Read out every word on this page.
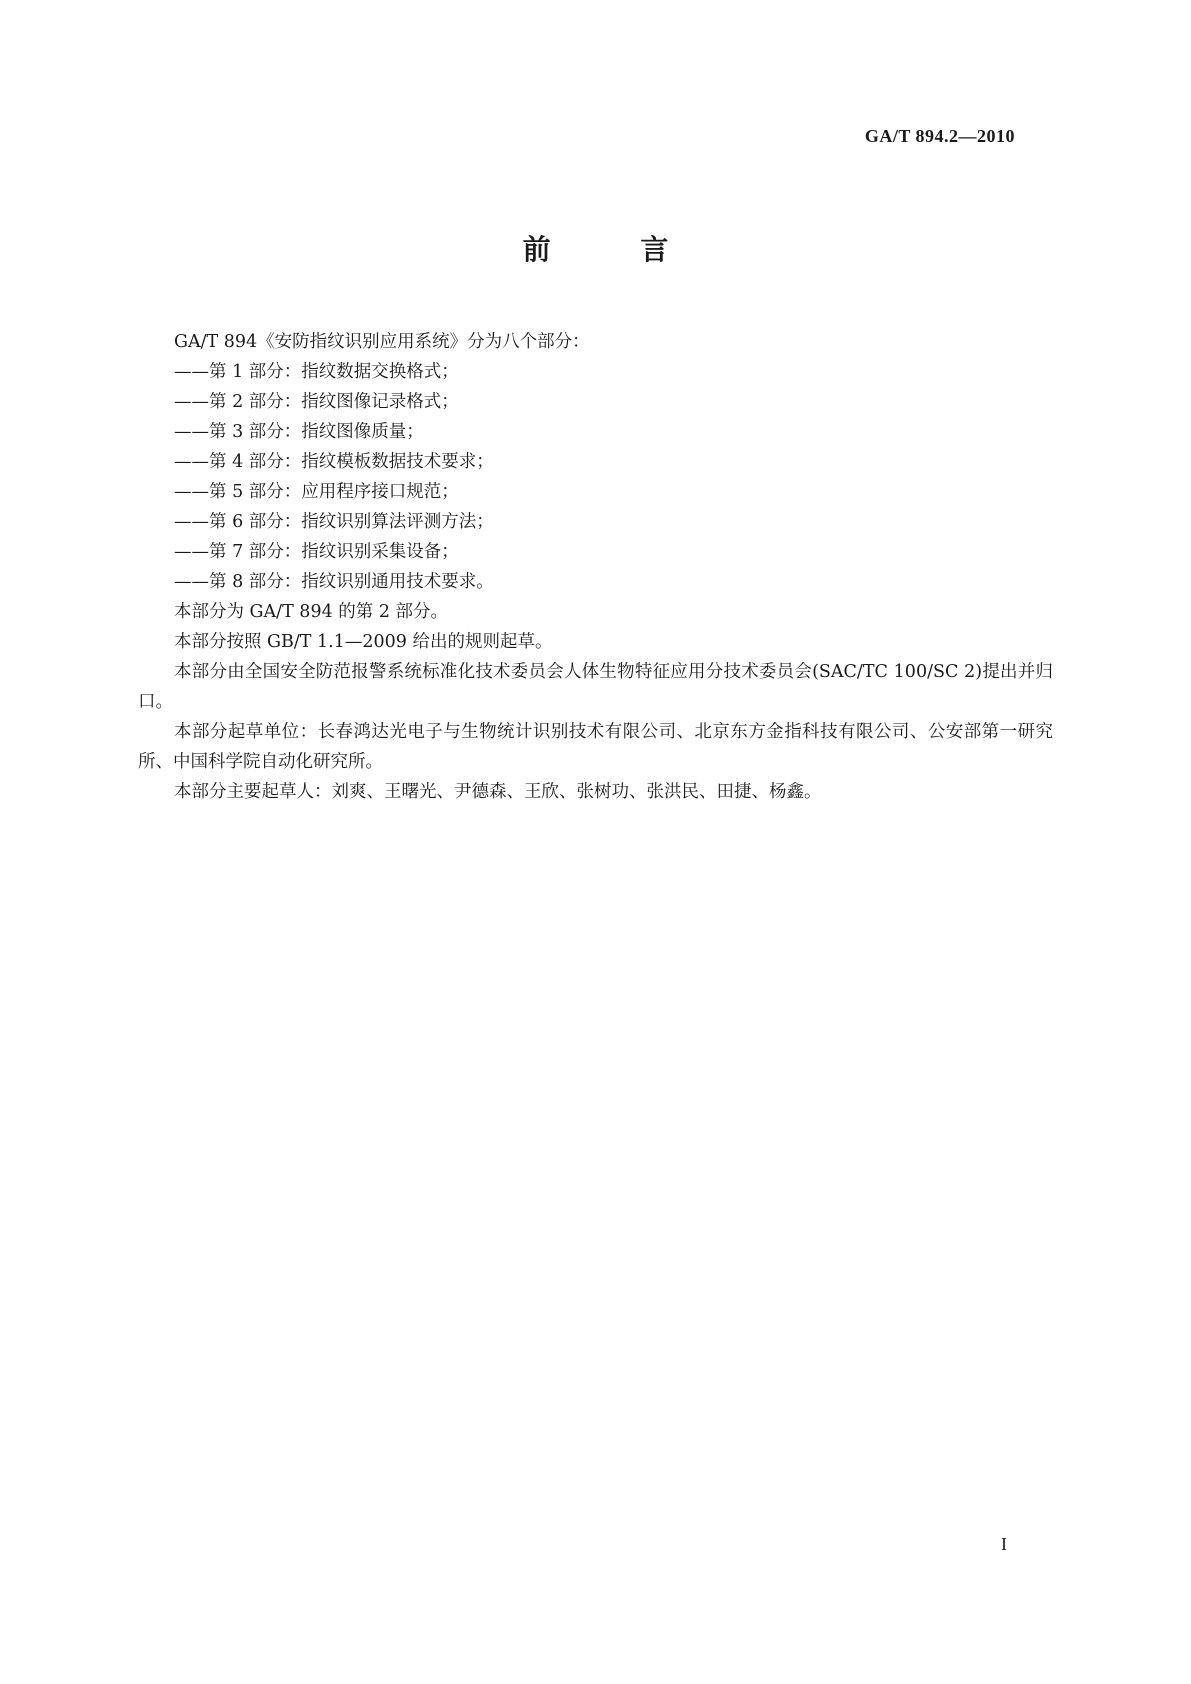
GA/T 894.2—2010
前 言

GA/T 894《安防指纹识别应用系统》分为八个部分：

——第 1 部分：指纹数据交换格式；

——第 2 部分：指纹图像记录格式；

——第 3 部分：指纹图像质量；

——第 4 部分：指纹模板数据技术要求；

——第 5 部分：应用程序接口规范；

——第 6 部分：指纹识别算法评测方法；

——第 7 部分：指纹识别采集设备；

——第 8 部分：指纹识别通用技术要求。

本部分为 GA/T 894 的第 2 部分。

本部分按照 GB/T 1.1—2009 给出的规则起草。

本部分由全国安全防范报警系统标准化技术委员会人体生物特征应用分技术委员会(SAC/TC 100/SC 2)提出并归口。

本部分起草单位：长春鸿达光电子与生物统计识别技术有限公司、北京东方金指科技有限公司、公安部第一研究所、中国科学院自动化研究所。

本部分主要起草人：刘爽、王曙光、尹德森、王欣、张树功、张洪民、田捷、杨鑫。

I
